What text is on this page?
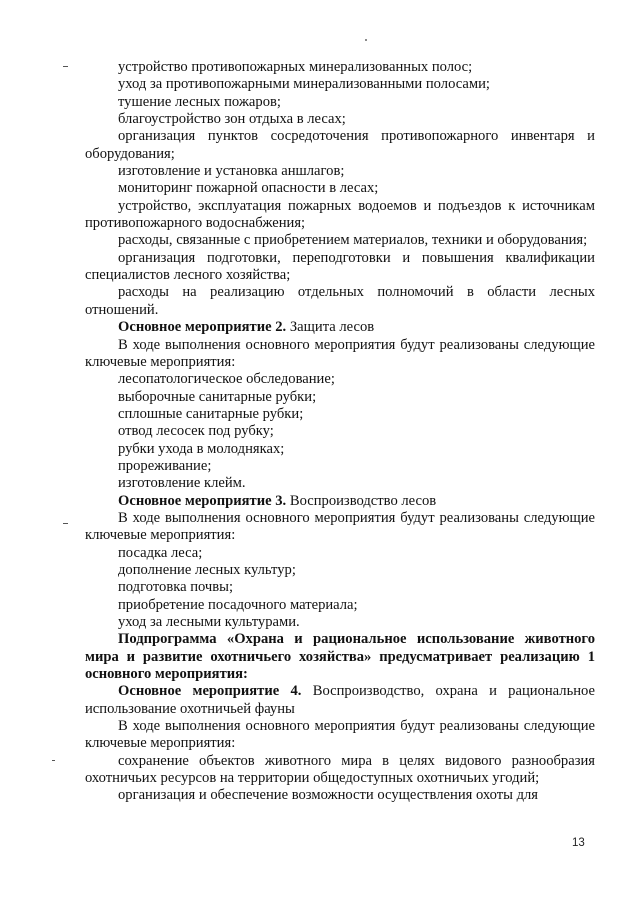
устройство противопожарных минерализованных полос;

уход за противопожарными минерализованными полосами;

тушение лесных пожаров;

благоустройство зон отдыха в лесах;

организация пунктов сосредоточения противопожарного инвентаря и оборудования;

изготовление и установка аншлагов;

мониторинг пожарной опасности в лесах;

устройство, эксплуатация пожарных водоемов и подъездов к источникам противопожарного водоснабжения;

расходы, связанные с приобретением материалов, техники и оборудования;

организация подготовки, переподготовки и повышения квалификации специалистов лесного хозяйства;

расходы на реализацию отдельных полномочий в области лесных отношений.

Основное мероприятие 2. Защита лесов

В ходе выполнения основного мероприятия будут реализованы следующие ключевые мероприятия:

лесопатологическое обследование;

выборочные санитарные рубки;

сплошные санитарные рубки;

отвод лесосек под рубку;

рубки ухода в молодняках;

прореживание;

изготовление клейм.

Основное мероприятие 3. Воспроизводство лесов

В ходе выполнения основного мероприятия будут реализованы следующие ключевые мероприятия:

посадка леса;

дополнение лесных культур;

подготовка почвы;

приобретение посадочного материала;

уход за лесными культурами.

Подпрограмма «Охрана и рациональное использование животного мира и развитие охотничьего хозяйства» предусматривает реализацию 1 основного мероприятия:

Основное мероприятие 4. Воспроизводство, охрана и рациональное использование охотничьей фауны

В ходе выполнения основного мероприятия будут реализованы следующие ключевые мероприятия:

сохранение объектов животного мира в целях видового разнообразия охотничьих ресурсов на территории общедоступных охотничьих угодий;

организация и обеспечение возможности осуществления охоты для

13
